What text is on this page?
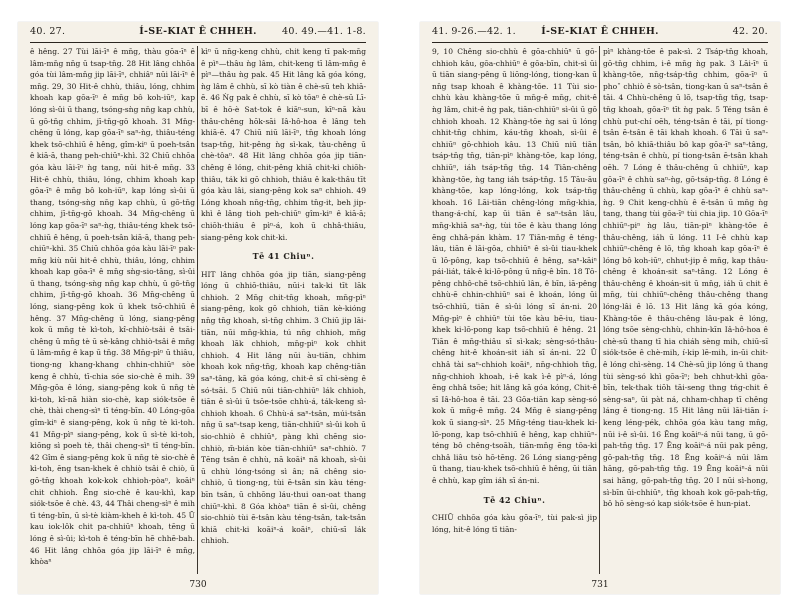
40. 27.	Í-SE-KIAT Ê CHHEH.	40. 49.—41. 1-8.

ê hêng. 27 Tùi lāi-īⁿ ê mn̄g, thàu gōa-īⁿ ê lâm-mn̄g nn̄g ū tsap-tn̄g. 28 Hit lâng chhōa góa tùi lâm-mn̄g jip lāi-īⁿ, chhiâⁿ nūi lāi-īⁿ ê mn̄g. 29, 30 Hit-ê chhù, thiâu, lóng, chhim khoah kap gōa-īⁿ ê mn̄g bô koh-iūⁿ, kap lóng sì-ûi ū thang, tsóng-sǹg nn̄g kap chhù, ū gō-tn̄g chhim, jī-tn̄g-gō khoah. 31 Mn̄g-chêng ū lóng, kap gōa-īⁿ saⁿ-ǹg, thiâu-téng khek tsō-chhiū ê hêng, gîm-kiⁿ ū poeh-tsân ê kiā-ā, thang peh-chiūⁿ-khì. 32 Chiū chhōa góa kàu lāi-īⁿ ǹg tang, nūi hit-ê mn̄g. 33 Hit-ê chhù, thiâu, lóng, chhim khoah kap gōa-īⁿ ê mn̄g bô koh-iūⁿ, kap lóng sì-ûi ū thang, tsóng-sǹg nn̄g kap chhù, ū gō-tn̄g chhim, jī-tn̄g-gō khoah. 34 Mn̄g-chêng ū lóng kap gōa-īⁿ saⁿ-ǹg, thiâu-téng khek tsō-chhiū ê hêng, ū poeh-tsân kiā-ā, thang peh-chiūⁿ-khì. 35 Chiū chhōa góa kàu lāi-īⁿ pak-mn̄g kiù nūi hit-ê chhù, thiâu, lóng, chhim khoah kap gōa-īⁿ ê mn̄g sǹg-sio-tâng, sì-ûi ū thang, tsóng-sǹg nn̄g kap chhù, ū gō-tn̄g chhim, jī-tn̄g-gō khoah. 36 Mn̄g-chêng ū lóng, siang-pêng kok ū khek tsō-chhiū ê hêng. 37 Mn̄g-chêng ū lóng, siang-pêng kok ū mn̄g tè kì-toh, kî-chhiò-tsâi ê tsāi-chêng ū mn̄g tè ū sè-kâng chhiò-tsâi ê mn̄g ū lâm-mn̄g ê kap ū tn̄g. 38 Mn̄g-pìⁿ ū thiâu, tiong-ng khang-khang chhin-chhiūⁿ sòe keng ê chhù, tī-chia sóe sio-chè ê mih. 39 Mn̄g-gōa ê lóng, siang-pêng kok ū nn̄g tè kì-toh, kî-nā hiàn sio-chè, kap siók-tsōe ê chè, thài cheng-sìⁿ tī téng-bīn. 40 Lóng-gōa gîm-kiⁿ ê siang-pêng, kok ū nn̄g tè kì-toh. 41 Mn̄g-pìⁿ siang-pêng, kok ū sì-tè kì-toh, kiōng sì poeh tè, thâi cheng-sìⁿ tī téng-bīn. 42 Gîm ê siang-pêng kok ū nn̄g tè sio-chè ê kì-toh, ēng tsan-khek ê chhiò tsâi ê chiò, ū gō-tn̄g khoah kok-kok chhioh-pòaⁿ, koāiⁿ chit chhioh. Ēng sio-chè ê kau-khì, kap siók-tsōe ê chè. 43, 44 Thâi cheng-sìⁿ ê mih tī téng-bīn, ū sì-tè kiàm-kheh ê kì-toh. 45 Ū kau iok-lôk chit pa-chhiūⁿ khoah, tēng ū lóng ê sì-ûi; kì-toh ê téng-bīn hē chhē-bah. 46 Hit lâng chhōa góa jip lāi-īⁿ ê mn̄g, khòaⁿ

kìⁿ ū nn̄g-keng chhù, chit keng tī pak-mn̄g ê pìⁿ—thâu ǹg lâm, chit-keng tī lâm-mn̄g ê pìⁿ—thâu ǹg pak. 45 Hit lâng kā góa kóng, ǹg lâm ê chhù, sī kò tiàn ê chè-sū teh khiā-ē. 46 Ǹg pak ê chhù, sī kò tōaⁿ ê chè-sū Lī-bī ê hō-è Sat-tok ê kiāⁿ-sun, kīⁿ-nā kàu thâu-chêng hōk-sāi Iâ-hô-hoa ê lâng teh khiā-ē. 47 Chiū niū lāi-īⁿ, tn̄g khoah lóng tsap-tn̄g, hit-pêng ǹg sì-kak, tàu-chêng ū chè-tôaⁿ. 48 Hit lâng chhōa góa jip tiān-chêng ê lóng, chit-pêng khiā chit-ki chiōh-thiâu, ták ki gō chhioh, thiâu ê kak-thâu tīt góa kàu lâi, siang-pêng kok saⁿ chhioh. 49 Lóng khoah nn̄g-tn̄g, chhim tn̄g-it, beh jip-khì ê lâng tioh peh-chiūⁿ gîm-kiⁿ ê kiā-ā; chiōh-thiâu ê pìⁿ-á, koh ū chhâ-thiâu, siang-pêng kok chit-ki.

Tē 41 Chiuⁿ.

HIT lâng chhōa góa jip tiān, siang-pêng lóng ū chhiō-thiâu, nūi-i tak-ki tīt lāk chhioh. 2 Mn̄g chit-tn̄g khoah, mn̄g-pìⁿ siang-pêng, kok gō chhioh, tiān kè-kióng nn̄g tn̄g khoah, sì-tn̄g chhim. 3 Chiū jip lāi-tiān, nūi mn̄g-khia, tú nn̄g chhioh, mn̄g khoah lāk chhioh, mn̄g-pìⁿ kok chhit chhioh. 4 Hit lâng nūi àu-tiān, chhim khoah kok nn̄g-tn̄g, khoah kap chêng-tiān saⁿ-tâng, kā góa kóng, chit-ê sī chì-sèng ê só-tsāi. 5 Chiū nūi tiān-chhiūⁿ lák chhioh, tiān ê sì-ûi ū tsōe-tsōe chhù-á, ták-keng sì-chhioh khoah. 6 Chhù-á saⁿ-tsân, múi-tsân nn̄g ū saⁿ-tsap keng, tiān-chhiūⁿ sì-ûi koh ū sio-chhiò ê chhiūⁿ, pàng khì chēng sio-chhiò, m̄-bián kòe tiān-chhiūⁿ saⁿ-chhiò. 7 Tēng tsân ê chhù, nā koāiⁿ nā khoah, sì-ûi ū chhù lóng-tsóng sì ân; nā chêng sio-chhiò, ū tiong-ng, tùi ē-tsân sin kàu téng-bīn tsân, ū chhōng láu-thui oan-oat thang chiūⁿ-khì. 8 Góa khòaⁿ tiān ê sì-ûi, chêng sio-chhiò tùi ē-tsân kàu téng-tsân, tak-tsân khiā chit-ki koāiⁿ-á koāiⁿ, chiū-sī lák chhioh.

730
41. 9-26.—42. 1.	Í-SE-KIAT Ê CHHEH.	42. 20.

9, 10 Chêng sio-chhù ê gōa-chhiūⁿ ū gō-chhioh kâu, gōa-chhiūⁿ ê gōa-bīn, chit-sì ūi ū tiān siang-pêng ū liōng-lóng, tiong-kan ū nn̄g tsap khoah ê khàng-tōe. 11 Tùi sio-chhù kàu khàng-tōe ū mn̄g-ê mn̄g, chit-ê ǹg lâm, chit-ê ǹg pak, tiān-chhiūⁿ sì-ûi ū gō chhioh khoah. 12 Khàng-tōe ǹg sai ū lóng chhit-tn̄g chhim, káu-tn̄g khoah, sì-ûi ê chhiūⁿ gō-chhioh kâu. 13 Chiū niū tiān tsáp-tn̄g tn̄g, tiān-pìⁿ khàng-tōe, kap lóng, chhiūⁿ, iáh tsáp-tn̄g tn̄g. 14 Tiān-chêng khàng-tōe, ǹg tang iáh tsáp-tn̄g. 15 Tāu-āu khàng-tōe, kap lóng-lóng, kok tsáp-tn̄g khoah. 16 Lāi-tiān chêng-lóng mn̄g-khia, thang-á-chí, kap ūi tiān ê saⁿ-tsân lâu, mn̄g-khiā saⁿ-ǹg, tùi tōe ê kàu thang lóng ēng chhâ-pán khàm. 17 Tiān-mn̄g ê téng-lâu, tiān ê lāi-gōa, chhiūⁿ ê sì-ûi tiau-khek ū lō-pông, kap tsō-chhiū ê hêng, saⁿ-kāiⁿ pái-liát, ták-ê ki-lō-pông ū nn̄g-ê bīn. 18 Tō-pêng chhô-chē tsō-chhiū lân, ê bīn, iā-pêng chhù-ē chhin-chhiūⁿ sai ê khoán, lóng ūi tsō-chhiū, tiān ê sì-ûi lóng sī án-ni. 20 Mn̄g-pìⁿ ê chhiūⁿ tùi tōe kàu bē-iu, tiau-khek ki-lō-pong kap tsō-chhiū ê hêng. 21 Tiān ê mn̄g-thiâu sī sì-kak; sèng-só-thâu-chêng hit-ê khoán-sit iáh sī án-ni. 22 Ū chhâ tài saⁿ-chhioh koāiⁿ, nn̄g-chhioh tn̄g, nn̄g-chhioh khoah, i-ê kak ì-ê pìⁿ-á, lóng ēng chhâ tsōe; hit lâng kā góa kóng, Chit-ê sī Iâ-hô-hoa ê tāi. 23 Gōa-tiān kap sèng-só kok ū mn̄g-ê mn̄g. 24 Mn̄g ê siang-pêng kok ū siang-sìⁿ. 25 Mn̄g-téng tiau-khek ki-lō-pong, kap tsō-chhiū ê hêng, kap chhiūⁿ-téng bô chêng-tsoāh, tiān-mn̄g ēng tōa-ki chhâ liâu tsò hō-tēng. 26 Lóng siang-pêng ū thang, tiau-khek tsō-chhiū ê hêng, ūi tiān ê chhù, kap gîm iáh sī án-ni.

Tē 42 Chiuⁿ.

CHIŪ chhōa góa kàu gōa-īⁿ, tùi pak-sì jip lóng, hit-ê lóng tī tiān-

pìⁿ khàng-tōe ê pak-sì. 2 Tsáp-tn̄g khoah, gō-tn̄g chhim, i-ê mn̄g ǹg pak. 3 Lāi-īⁿ ū khàng-tōe, nn̄g-tsáp-tn̄g chhim, gōa-īⁿ ū phoˇ chhiò ê sò-tsân, tiong-kan ū saⁿ-tsân ê tāi. 4 Chhù-chêng ū lō, tsap-tn̄g tn̄g, tsap-tn̄g khoah, gōa-īⁿ tīt ǹg pak. 5 Téng tsân ê chhù put-chí oēh, téng-tsân ê tāi, pí tiong-tsân ē-tsân ê tāi khah khoah. 6 Tāi ū saⁿ-tsân, bô khiā-thiâu bô kap gōa-īⁿ saⁿ-tâng, téng-tsân ê chhù, pí tiong-tsân ē-tsân khah oēh. 7 Lóng ê thâu-chêng ū chhiūⁿ, kap gōa-īⁿ ê chhù saⁿ-ǹg, gō-tsáp-tn̄g. 8 Lóng ê thâu-chêng ū chhù, kap gōa-īⁿ ê chhù saⁿ-ǹg. 9 Chit keng-chhù ê ē-tsân ū mn̄g ǹg tang, thang tùi gōa-īⁿ tùi chia jip. 10 Gōa-īⁿ chhiūⁿ-piⁿ ǹg lâu, tiān-pìⁿ khàng-tōe ê thâu-chêng, iáh ū lóng. 11 I-ê chhù kap chhiūⁿ-chêng ê lō, tn̄g khoah kap gōa-īⁿ ê lóng bô koh-iūⁿ, chhut-jip ê mn̄g, kap thâu-chêng ê khoán-sit saⁿ-tâng. 12 Lóng ê thâu-chêng ê khoán-sit ū mn̄g, iáh ū chit ê mn̄g, tùi chhiūⁿ-chêng thâu-chêng thang lóng-lâi ê lō. 13 Hit lâng kā góa kóng, Khàng-tōe ê thâu-chêng lâu-pak ê lóng, lóng tsōe sèng-chhù, chhin-kīn Iâ-hô-hoa ê chè-sū thang tī hia chiáh sèng mih, chiū-sī siók-tsōe ê chè-mih, í-kip lē-mih, in-ūi chit-ê lóng chì-sèng. 14 Chè-sū jip lóng ū thang tùi sèng-só khì gōa-īⁿ; beh chhut-khì gōa-bīn, tek-thak tiōh tāi-seng thng tńg-chit ê sèng-saⁿ, ūi pàt ná, chham-chhap tī chêng láng ê tiong-ng. 15 Hit lâng nūi lāi-tiān í-keng léng-pék, chhōa góa kàu tang mn̄g, nūi i-ê sì-ûi. 16 Ēng koāiⁿ-á nūi tang, ū gō-pah-tn̄g tn̄g. 17 Ēng koāiⁿ-á nūi pak pêng, gō-pah-tn̄g tn̄g. 18 Ēng koāiⁿ-á nūi lâm hāng, gō-pah-tn̄g tn̄g. 19 Ēng koāiⁿ-á nūi sai hāng, gō-pah-tn̄g tn̄g. 20 I nūi sì-hong, sì-bīn ūi-chhiūⁿ, tn̄g khoah kok gō-pah-tn̄g, bô hō sèng-só kap siók-tsōe ê hun-piat.

731
